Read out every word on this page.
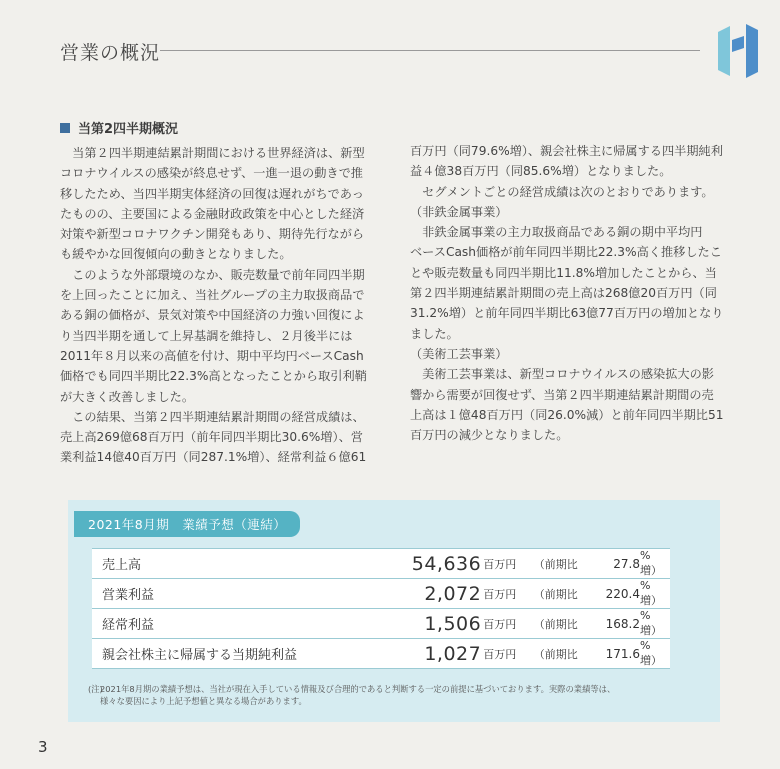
営業の概況
当第2四半期概況

　当第２四半期連結累計期間における世界経済は、新型

コロナウイルスの感染が終息せず、一進一退の動きで推

移したため、当四半期実体経済の回復は遅れがちであっ

たものの、主要国による金融財政政策を中心とした経済

対策や新型コロナワクチン開発もあり、期待先行ながら

も緩やかな回復傾向の動きとなりました。

　このような外部環境のなか、販売数量で前年同四半期

を上回ったことに加え、当社グループの主力取扱商品で

ある銅の価格が、景気対策や中国経済の力強い回復によ

り当四半期を通して上昇基調を維持し、２月後半には

2011年８月以来の高値を付け、期中平均円ベースCash

価格でも同四半期比22.3%高となったことから取引利鞘

が大きく改善しました。

　この結果、当第２四半期連結累計期間の経営成績は、

売上高269億68百万円（前年同四半期比30.6%増）、営

業利益14億40百万円（同287.1%増）、経常利益６億61

百万円（同79.6%増）、親会社株主に帰属する四半期純利

益４億38百万円（同85.6%増）となりました。

　セグメントごとの経営成績は次のとおりであります。

（非鉄金属事業）

　非鉄金属事業の主力取扱商品である銅の期中平均円

ベースCash価格が前年同四半期比22.3%高く推移したこ

とや販売数量も同四半期比11.8%増加したことから、当

第２四半期連結累計期間の売上高は268億20百万円（同

31.2%増）と前年同四半期比63億77百万円の増加となり

ました。

（美術工芸事業）

　美術工芸事業は、新型コロナウイルスの感染拡大の影

響から需要が回復せず、当第２四半期連結累計期間の売

上高は１億48百万円（同26.0%減）と前年同四半期比51

百万円の減少となりました。

2021年8月期　業績予想（連結）
売上高	54,636	百万円	（前期比	27.8	%増）
営業利益	2,072	百万円	（前期比	220.4	%増）
経常利益	1,506	百万円	（前期比	168.2	%増）
親会社株主に帰属する当期純利益	1,027	百万円	（前期比	171.6	%増）
(注)
2021年8月期の業績予想は、当社が現在入手している情報及び合理的であると判断する一定の前提に基づいております。実際の業績等は、
様々な要因により上記予想値と異なる場合があります。
3
